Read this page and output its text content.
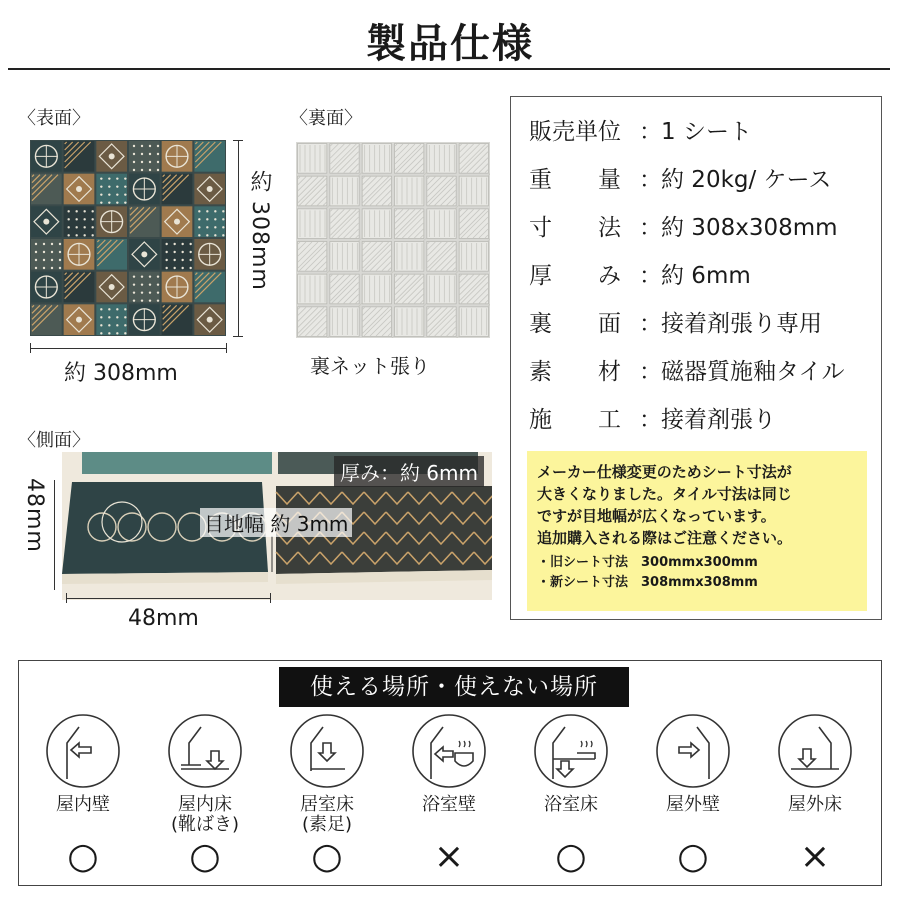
製品仕様
〈表面〉
約 308mm
約 308mm
〈裏面〉
裏ネット張り
〈側面〉
厚み：約 6mm
目地幅 約 3mm
48mm
48mm
販売単位 ：1 シート
重　　量 ：約 20kg/ ケース
寸　　法 ：約 308x308mm
厚　　み ：約 6mm
裏　　面 ：接着剤張り専用
素　　材 ：磁器質施釉タイル
施　　工 ：接着剤張り
メーカー仕様変更のためシート寸法が
大きくなりました。タイル寸法は同じ
ですが目地幅が広くなっています。
追加購入される際はご注意ください。
・旧シート寸法　300mmx300mm
・新シート寸法　308mmx308mm
使える場所・使えない場所
屋内壁
○
屋内床
(靴ばき)
○
居室床
(素足)
○
浴室壁
×
浴室床
○
屋外壁
○
屋外床
×
